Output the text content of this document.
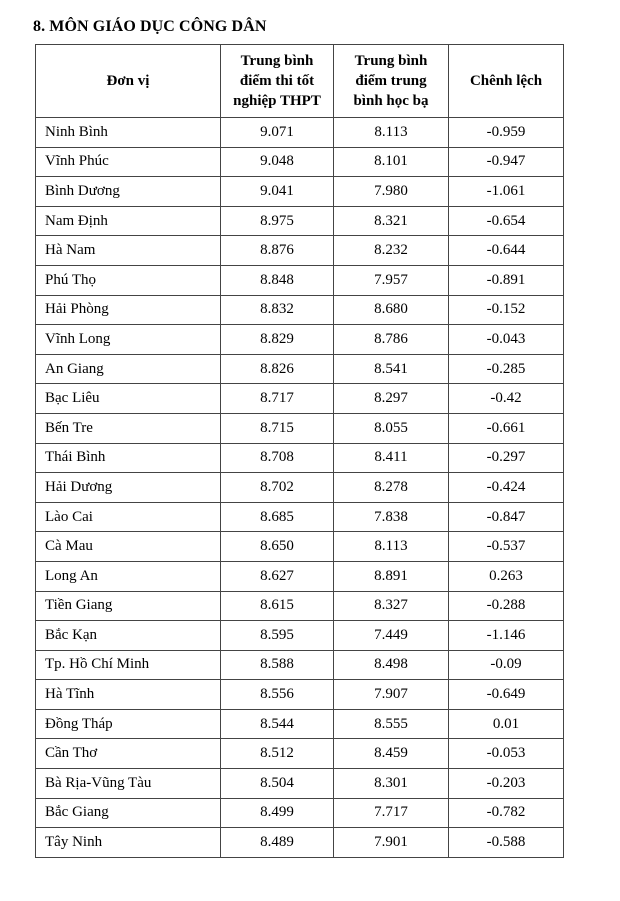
8. MÔN GIÁO DỤC CÔNG DÂN
Đơn vị	Trung bình
điểm thi tốt
nghiệp THPT	Trung bình
điểm trung
bình học bạ	Chênh lệch
Ninh Bình	9.071	8.113	-0.959
Vĩnh Phúc	9.048	8.101	-0.947
Bình Dương	9.041	7.980	-1.061
Nam Định	8.975	8.321	-0.654
Hà Nam	8.876	8.232	-0.644
Phú Thọ	8.848	7.957	-0.891
Hải Phòng	8.832	8.680	-0.152
Vĩnh Long	8.829	8.786	-0.043
An Giang	8.826	8.541	-0.285
Bạc Liêu	8.717	8.297	-0.42
Bến Tre	8.715	8.055	-0.661
Thái Bình	8.708	8.411	-0.297
Hải Dương	8.702	8.278	-0.424
Lào Cai	8.685	7.838	-0.847
Cà Mau	8.650	8.113	-0.537
Long An	8.627	8.891	0.263
Tiền Giang	8.615	8.327	-0.288
Bắc Kạn	8.595	7.449	-1.146
Tp. Hồ Chí Minh	8.588	8.498	-0.09
Hà Tĩnh	8.556	7.907	-0.649
Đồng Tháp	8.544	8.555	0.01
Cần Thơ	8.512	8.459	-0.053
Bà Rịa-Vũng Tàu	8.504	8.301	-0.203
Bắc Giang	8.499	7.717	-0.782
Tây Ninh	8.489	7.901	-0.588
